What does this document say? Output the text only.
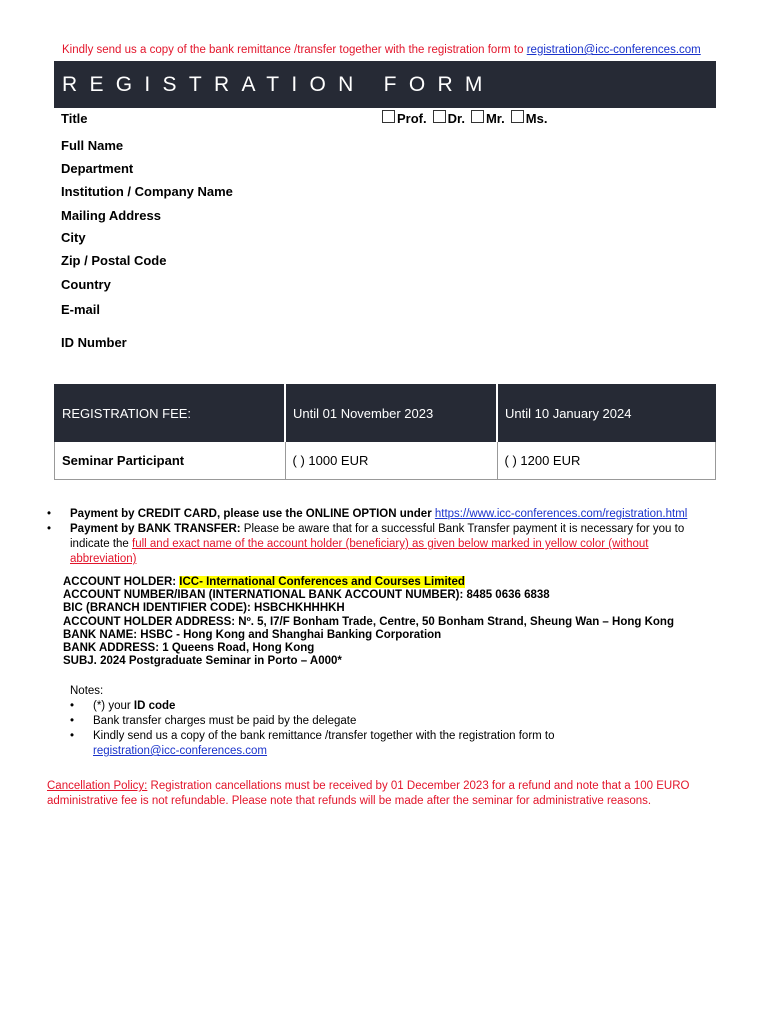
Kindly send us a copy of the bank remittance /transfer together with the registration form to registration@icc-conferences.com
REGISTRATION FORM
Title	Prof. Dr. Mr. Ms.
Full Name
Department
Institution / Company Name
Mailing Address
City
Zip / Postal Code
Country
E-mail
ID Number
REGISTRATION FEE:	Until 01 November 2023	Until 10 January 2024
Seminar Participant	( ) 1000 EUR	( ) 1200 EUR
• Payment by CREDIT CARD, please use the ONLINE OPTION under https://www.icc-conferences.com/registration.html
• Payment by BANK TRANSFER: Please be aware that for a successful Bank Transfer payment it is necessary for you to indicate the full and exact name of the account holder (beneficiary) as given below marked in yellow color (without abbreviation)
ACCOUNT HOLDER: ICC- International Conferences and Courses Limited
ACCOUNT NUMBER/IBAN (INTERNATIONAL BANK ACCOUNT NUMBER): 8485 0636 6838
BIC (BRANCH IDENTIFIER CODE): HSBCHKHHHKH
ACCOUNT HOLDER ADDRESS: Nº. 5, I7/F Bonham Trade, Centre, 50 Bonham Strand, Sheung Wan – Hong Kong
BANK NAME: HSBC - Hong Kong and Shanghai Banking Corporation
BANK ADDRESS: 1 Queens Road, Hong Kong
SUBJ. 2024 Postgraduate Seminar in Porto – A000*
Notes:
• (*) your ID code
• Bank transfer charges must be paid by the delegate
• Kindly send us a copy of the bank remittance /transfer together with the registration form to registration@icc-conferences.com
Cancellation Policy: Registration cancellations must be received by 01 December 2023 for a refund and note that a 100 EURO administrative fee is not refundable. Please note that refunds will be made after the seminar for administrative reasons.
